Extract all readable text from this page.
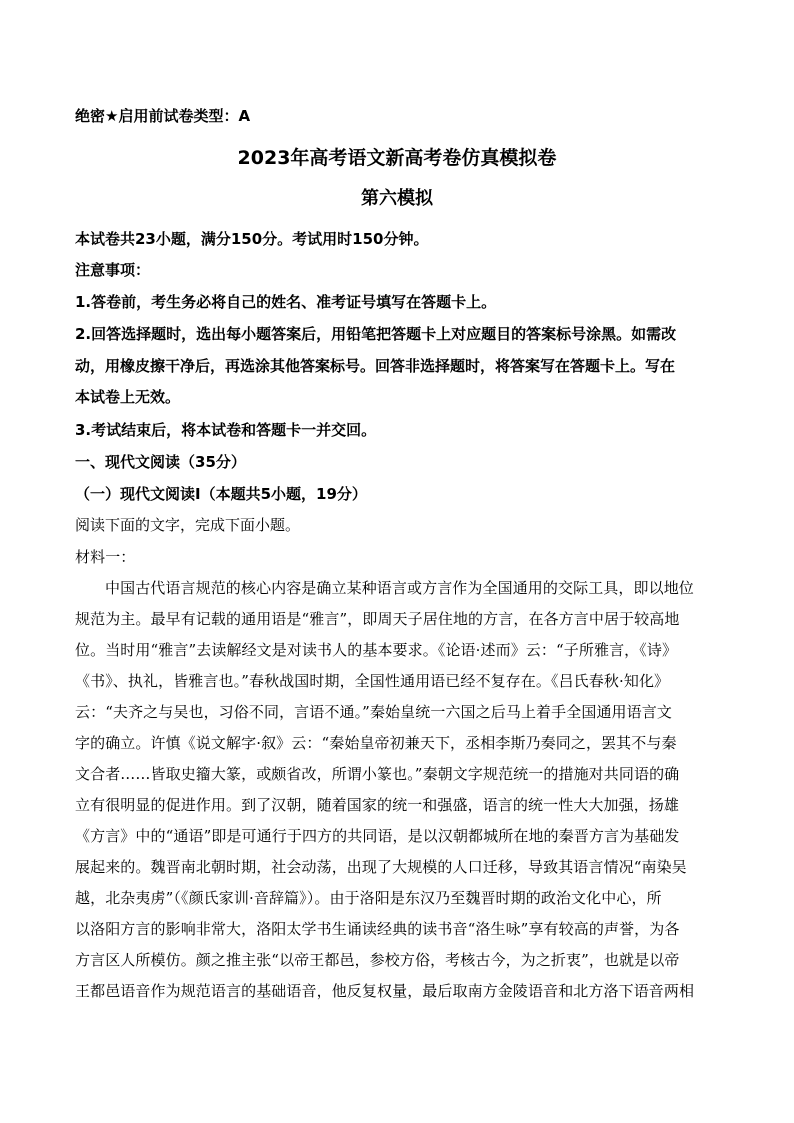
绝密★启用前试卷类型：A
2023年高考语文新高考卷仿真模拟卷
第六模拟
本试卷共23小题，满分150分。考试用时150分钟。
注意事项：
1.答卷前，考生务必将自己的姓名、准考证号填写在答题卡上。
2.回答选择题时，选出每小题答案后，用铅笔把答题卡上对应题目的答案标号涂黑。如需改
动，用橡皮擦干净后，再选涂其他答案标号。回答非选择题时，将答案写在答题卡上。写在
本试卷上无效。
3.考试结束后，将本试卷和答题卡一并交回。
一、现代文阅读（35分）
（一）现代文阅读Ⅰ（本题共5小题，19分）
阅读下面的文字，完成下面小题。
材料一：
中国古代语言规范的核心内容是确立某种语言或方言作为全国通用的交际工具，即以地位
规范为主。最早有记载的通用语是“雅言”，即周天子居住地的方言，在各方言中居于较高地
位。当时用“雅言”去读解经文是对读书人的基本要求。《论语·述而》云：“子所雅言，《诗》
《书》、执礼，皆雅言也。”春秋战国时期，全国性通用语已经不复存在。《吕氏春秋·知化》
云：“夫齐之与吴也，习俗不同，言语不通。”秦始皇统一六国之后马上着手全国通用语言文
字的确立。许慎《说文解字·叙》云：“秦始皇帝初兼天下，丞相李斯乃奏同之，罢其不与秦
文合者……皆取史籀大篆，或颇省改，所谓小篆也。”秦朝文字规范统一的措施对共同语的确
立有很明显的促进作用。到了汉朝，随着国家的统一和强盛，语言的统一性大大加强，扬雄
《方言》中的“通语”即是可通行于四方的共同语，是以汉朝都城所在地的秦晋方言为基础发
展起来的。魏晋南北朝时期，社会动荡，出现了大规模的人口迁移，导致其语言情况“南染吴
越，北杂夷虏”（《颜氏家训·音辞篇》）。由于洛阳是东汉乃至魏晋时期的政治文化中心，所
以洛阳方言的影响非常大，洛阳太学书生诵读经典的读书音“洛生咏”享有较高的声誉，为各
方言区人所模仿。颜之推主张“以帝王都邑，参校方俗，考核古今，为之折衷”，也就是以帝
王都邑语音作为规范语言的基础语音，他反复权量，最后取南方金陵语音和北方洛下语音两相
